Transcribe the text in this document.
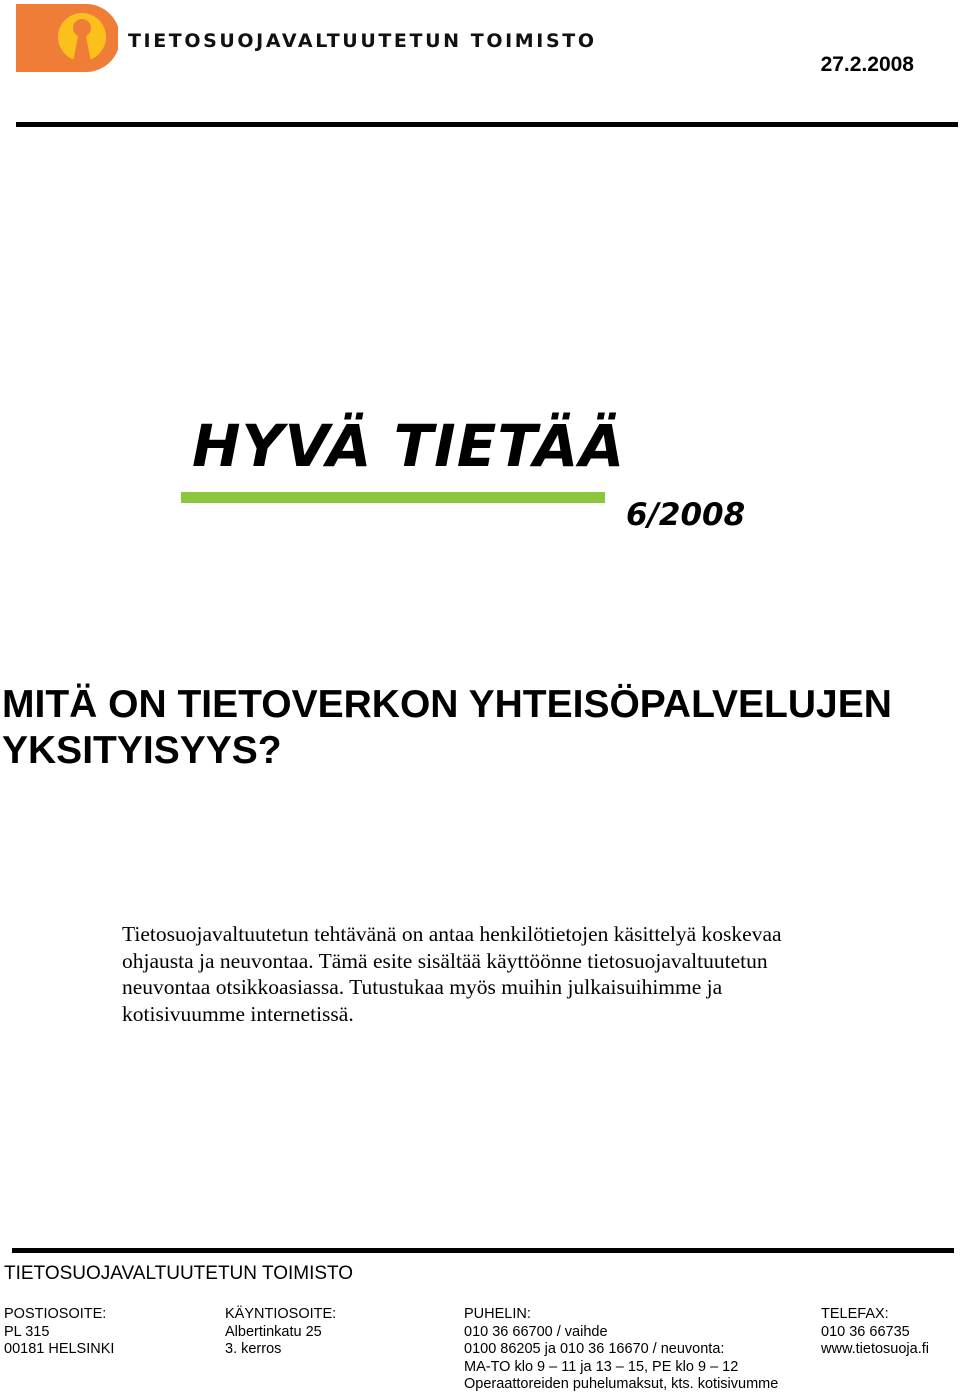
TIETOSUOJAVALTUUTETUN TOIMISTO
27.2.2008
HYVÄ TIETÄÄ
6/2008
MITÄ ON TIETOVERKON YHTEISÖPALVELUJEN YKSITYISYYS?

Tietosuojavaltuutetun tehtävänä on antaa henkilötietojen käsittelyä koskevaa ohjausta ja neuvontaa. Tämä esite sisältää käyttöönne tietosuojavaltuutetun neuvontaa otsikkoasiassa. Tutustukaa myös muihin julkaisuihimme ja kotisivuumme internetissä.

TIETOSUOJAVALTUUTETUN TOIMISTO
POSTIOSOITE:
PL 315
00181 HELSINKI
KÄYNTIOSOITE:
Albertinkatu 25
3. kerros
PUHELIN:
010 36 66700 / vaihde
0100 86205 ja 010 36 16670 / neuvonta:
MA-TO klo 9 – 11 ja 13 – 15, PE klo 9 – 12
Operaattoreiden puhelumaksut, kts. kotisivumme
TELEFAX:
010 36 66735
www.tietosuoja.fi
